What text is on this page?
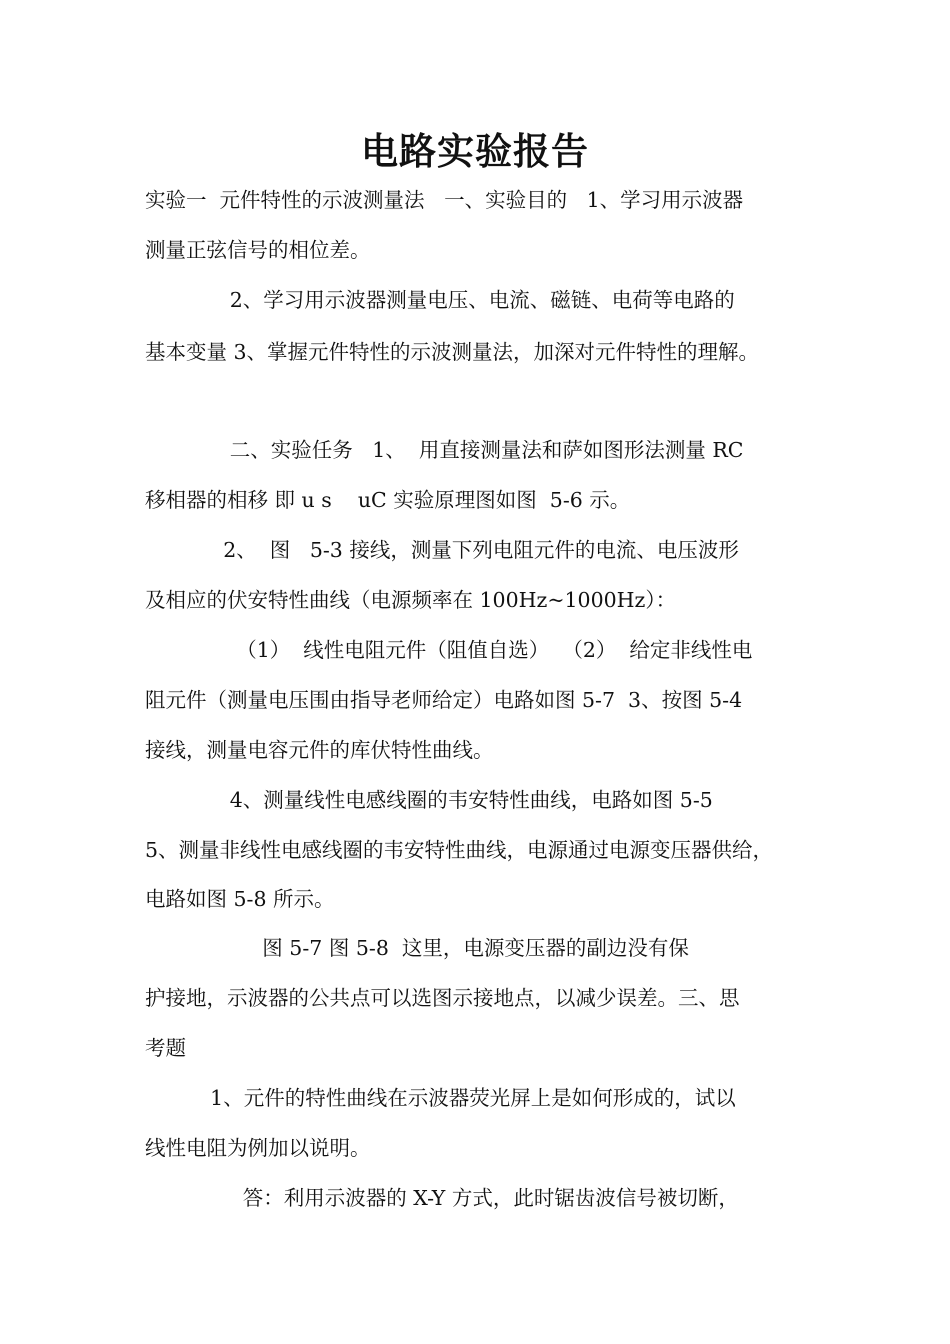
电路实验报告
实验一  元件特性的示波测量法   一、实验目的   1、学习用示波器
测量正弦信号的相位差。
2、学习用示波器测量电压、电流、磁链、电荷等电路的
基本变量 3、掌握元件特性的示波测量法，加深对元件特性的理解。
二、实验任务   1、  用直接测量法和萨如图形法测量 RC
移相器的相移 即 u s    uC 实验原理图如图  5-6 示。
2、  图   5-3 接线，测量下列电阻元件的电流、电压波形
及相应的伏安特性曲线（电源频率在 100Hz~1000Hz）：
（1）  线性电阻元件（阻值自选）  （2）  给定非线性电
阻元件（测量电压围由指导老师给定）电路如图 5-7  3、按图 5-4
接线，测量电容元件的库伏特性曲线。
4、测量线性电感线圈的韦安特性曲线，电路如图 5-5
5、测量非线性电感线圈的韦安特性曲线，电源通过电源变压器供给，
电路如图 5-8 所示。
图 5-7 图 5-8  这里，电源变压器的副边没有保
护接地，示波器的公共点可以选图示接地点，以减少误差。三、思
考题
1、元件的特性曲线在示波器荧光屏上是如何形成的，试以
线性电阻为例加以说明。
答：利用示波器的 X-Y 方式，此时锯齿波信号被切断，
